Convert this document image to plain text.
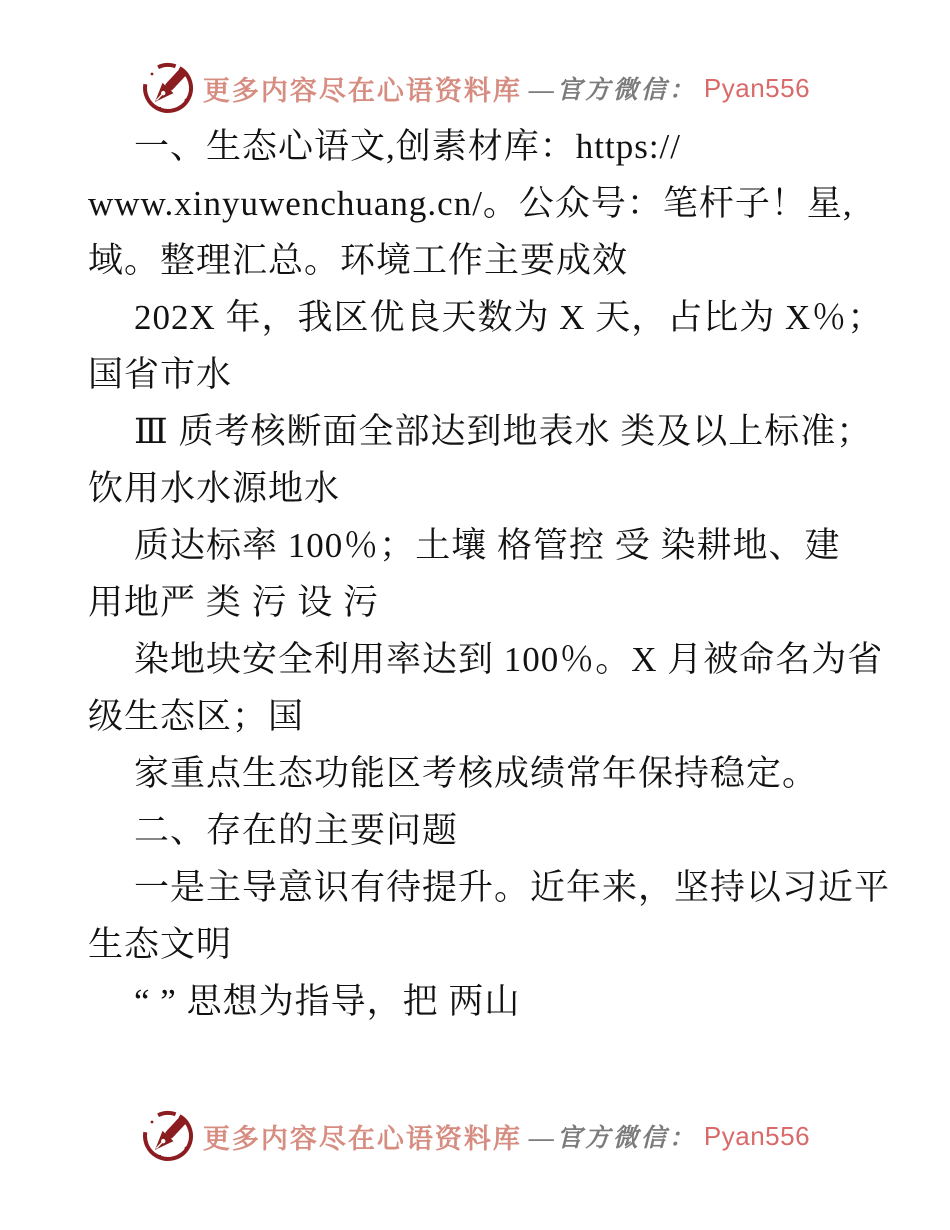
更多内容尽在心语资料库 —官方微信： Pyan556
一、生态心语文,创素材库：https://
www.xinyuwenchuang.cn/。公众号：笔杆子！星,
域。整理汇总。环境工作主要成效
202X 年，我区优良天数为 X 天，占比为 X％；
国省市水
Ⅲ 质考核断面全部达到地表水 类及以上标准；
饮用水水源地水
质达标率 100％；土壤 格管控 受 染耕地、建
用地严 类 污 设 污
染地块安全利用率达到 100％。X 月被命名为省
级生态区；国
家重点生态功能区考核成绩常年保持稳定。
二、存在的主要问题
一是主导意识有待提升。近年来，坚持以习近平
生态文明
“ ” 思想为指导，把 两山
更多内容尽在心语资料库 —官方微信： Pyan556
